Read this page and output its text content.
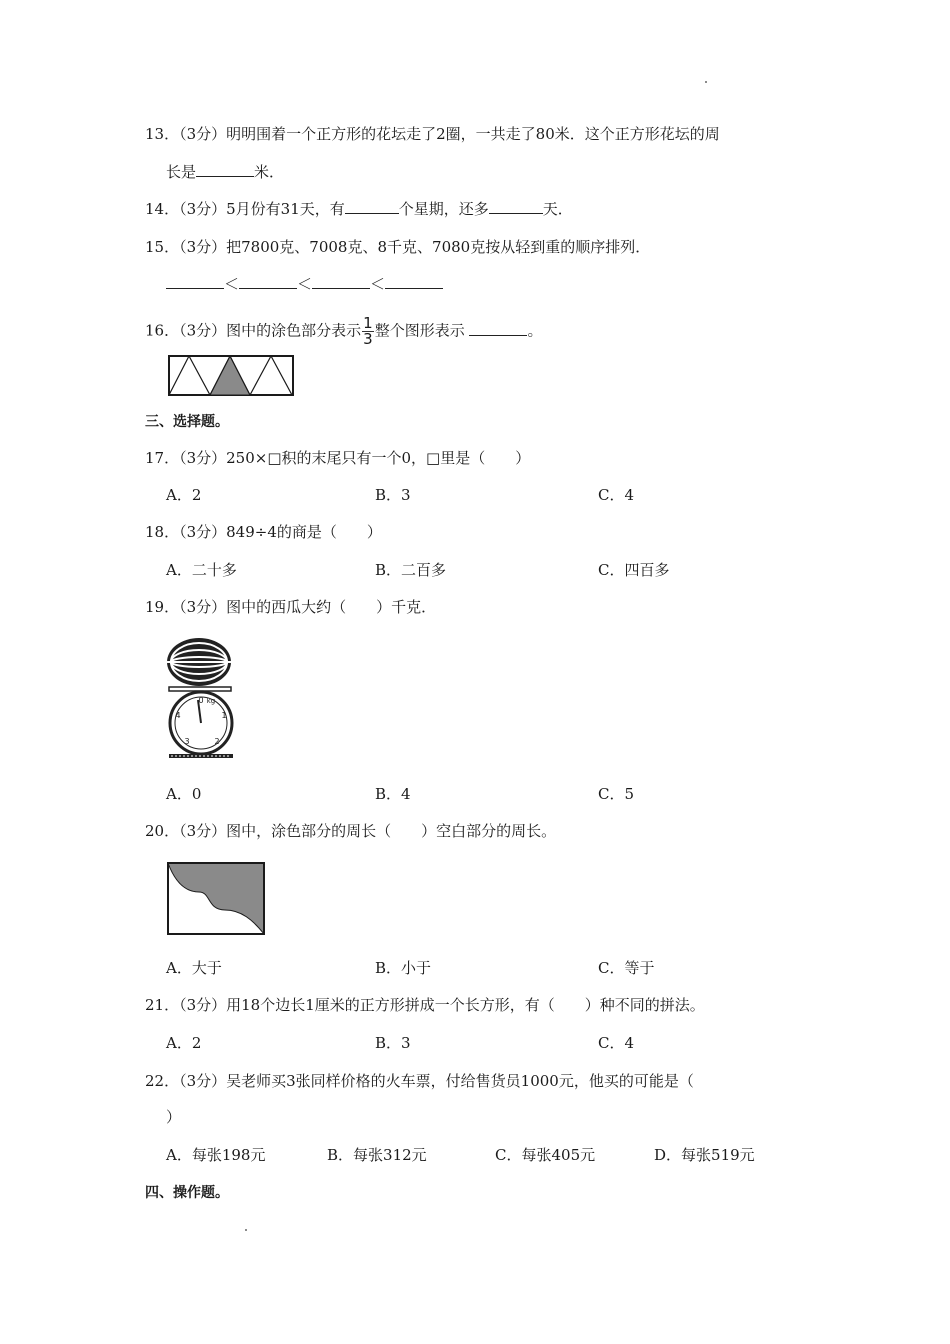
13．（3分）明明围着一个正方形的花坛走了2圈，一共走了80米．这个正方形花坛的周
长是	米．
14．（3分）5月份有31天，有	个星期，还多	天．
15．（3分）把7800克、7008克、8千克、7080克按从轻到重的顺序排列．
＜	＜	＜
16．（3分）图中的涂色部分表示 $\frac{1}{3}$ 整个图形表示	。
三、选择题。
17．（3分）250×□积的末尾只有一个0，□里是（　　）
A．2	B．3	C．4
18．（3分）849÷4的商是（　　）
A．二十多	B．二百多	C．四百多
19．（3分）图中的西瓜大约（　　）千克．
0 kg
1
2
3
4
A．0	B．4	C．5
20．（3分）图中，涂色部分的周长（　　）空白部分的周长。
A．大于	B．小于	C．等于
21．（3分）用18个边长1厘米的正方形拼成一个长方形，有（　　）种不同的拼法。
A．2	B．3	C．4
22．（3分）吴老师买3张同样价格的火车票，付给售货员1000元，他买的可能是（
）
A．每张198元	B．每张312元	C．每张405元	D．每张519元
四、操作题。
